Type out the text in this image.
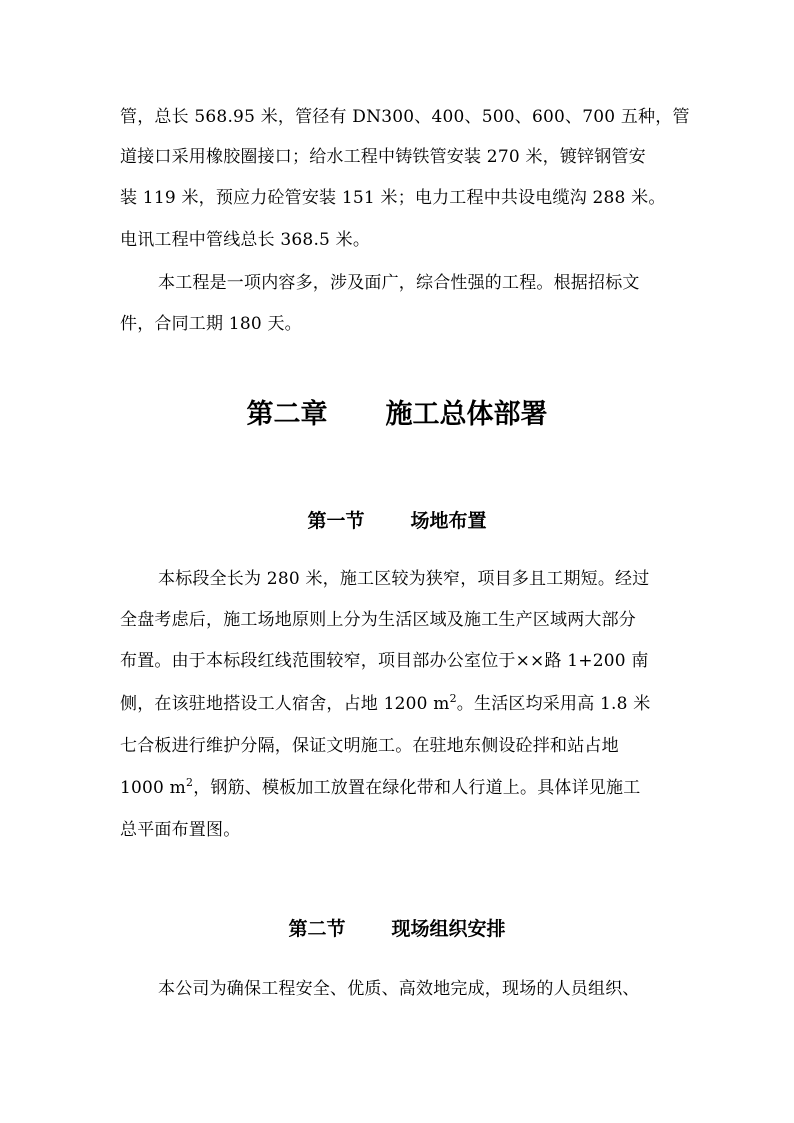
管，总长 568.95 米，管径有 DN300、400、500、600、700 五种，管
道接口采用橡胶圈接口；给水工程中铸铁管安装 270 米，镀锌钢管安
装 119 米，预应力砼管安装 151 米；电力工程中共设电缆沟 288 米。
电讯工程中管线总长 368.5 米。
本工程是一项内容多，涉及面广，综合性强的工程。根据招标文
件，合同工期 180 天。
第二章 施工总体部署
第一节 场地布置
本标段全长为 280 米，施工区较为狭窄，项目多且工期短。经过
全盘考虑后，施工场地原则上分为生活区域及施工生产区域两大部分
布置。由于本标段红线范围较窄，项目部办公室位于××路 1+200 南
侧，在该驻地搭设工人宿舍，占地 1200 $m^2$。生活区均采用高 1.8 米
七合板进行维护分隔，保证文明施工。在驻地东侧设砼拌和站占地
1000 $m^2$，钢筋、模板加工放置在绿化带和人行道上。具体详见施工
总平面布置图。
第二节 现场组织安排
本公司为确保工程安全、优质、高效地完成，现场的人员组织、
